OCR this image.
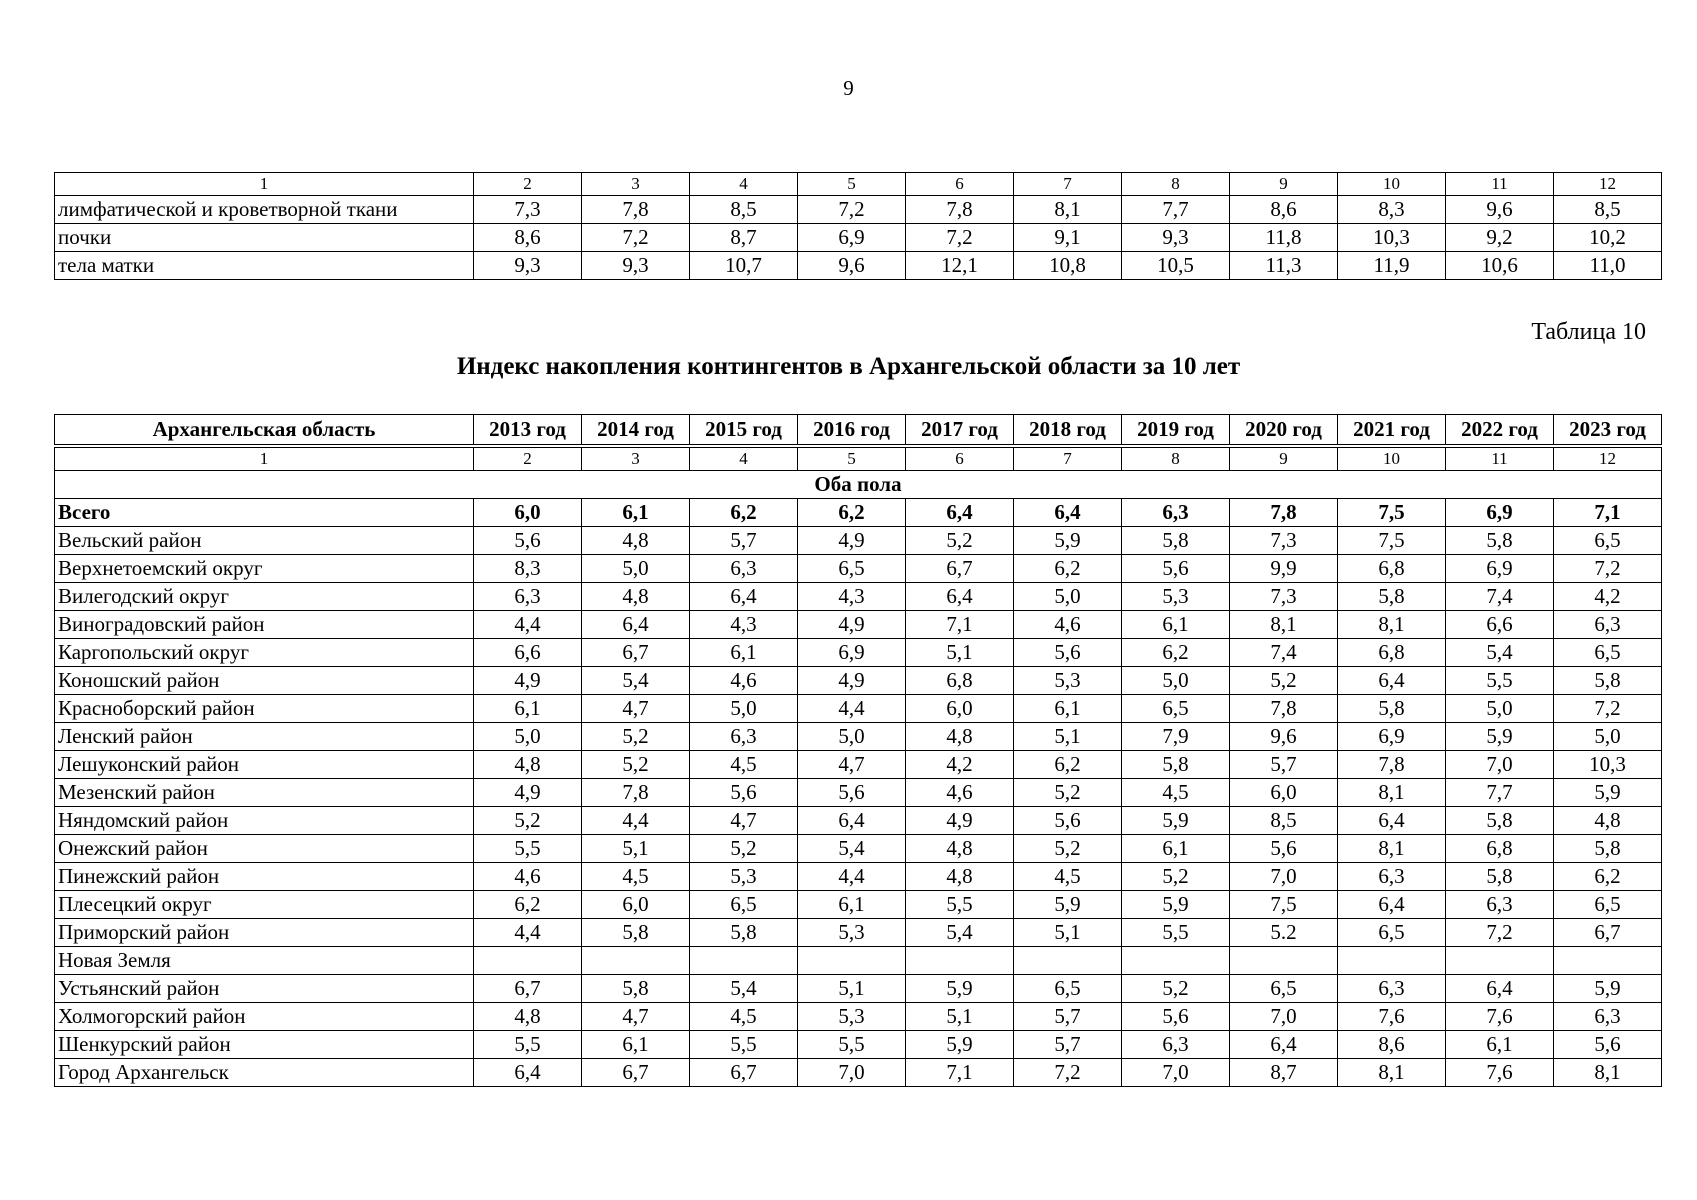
9
1	2	3	4	5	6	7	8	9	10	11	12
лимфатической и кроветворной ткани	7,3	7,8	8,5	7,2	7,8	8,1	7,7	8,6	8,3	9,6	8,5
почки	8,6	7,2	8,7	6,9	7,2	9,1	9,3	11,8	10,3	9,2	10,2
тела матки	9,3	9,3	10,7	9,6	12,1	10,8	10,5	11,3	11,9	10,6	11,0
Таблица 10
Индекс накопления контингентов в Архангельской области за 10 лет
Архангельская область	2013 год	2014 год	2015 год	2016 год	2017 год	2018 год	2019 год	2020 год	2021 год	2022 год	2023 год
1	2	3	4	5	6	7	8	9	10	11	12
Оба пола											
Всего	6,0	6,1	6,2	6,2	6,4	6,4	6,3	7,8	7,5	6,9	7,1
Вельский район	5,6	4,8	5,7	4,9	5,2	5,9	5,8	7,3	7,5	5,8	6,5
Верхнетоемский округ	8,3	5,0	6,3	6,5	6,7	6,2	5,6	9,9	6,8	6,9	7,2
Вилегодский округ	6,3	4,8	6,4	4,3	6,4	5,0	5,3	7,3	5,8	7,4	4,2
Виноградовский район	4,4	6,4	4,3	4,9	7,1	4,6	6,1	8,1	8,1	6,6	6,3
Каргопольский округ	6,6	6,7	6,1	6,9	5,1	5,6	6,2	7,4	6,8	5,4	6,5
Коношский район	4,9	5,4	4,6	4,9	6,8	5,3	5,0	5,2	6,4	5,5	5,8
Красноборский район	6,1	4,7	5,0	4,4	6,0	6,1	6,5	7,8	5,8	5,0	7,2
Ленский район	5,0	5,2	6,3	5,0	4,8	5,1	7,9	9,6	6,9	5,9	5,0
Лешуконский район	4,8	5,2	4,5	4,7	4,2	6,2	5,8	5,7	7,8	7,0	10,3
Мезенский район	4,9	7,8	5,6	5,6	4,6	5,2	4,5	6,0	8,1	7,7	5,9
Няндомский район	5,2	4,4	4,7	6,4	4,9	5,6	5,9	8,5	6,4	5,8	4,8
Онежский район	5,5	5,1	5,2	5,4	4,8	5,2	6,1	5,6	8,1	6,8	5,8
Пинежский район	4,6	4,5	5,3	4,4	4,8	4,5	5,2	7,0	6,3	5,8	6,2
Плесецкий округ	6,2	6,0	6,5	6,1	5,5	5,9	5,9	7,5	6,4	6,3	6,5
Приморский район	4,4	5,8	5,8	5,3	5,4	5,1	5,5	5.2	6,5	7,2	6,7
Новая Земля											
Устьянский район	6,7	5,8	5,4	5,1	5,9	6,5	5,2	6,5	6,3	6,4	5,9
Холмогорский район	4,8	4,7	4,5	5,3	5,1	5,7	5,6	7,0	7,6	7,6	6,3
Шенкурский район	5,5	6,1	5,5	5,5	5,9	5,7	6,3	6,4	8,6	6,1	5,6
Город Архангельск	6,4	6,7	6,7	7,0	7,1	7,2	7,0	8,7	8,1	7,6	8,1
